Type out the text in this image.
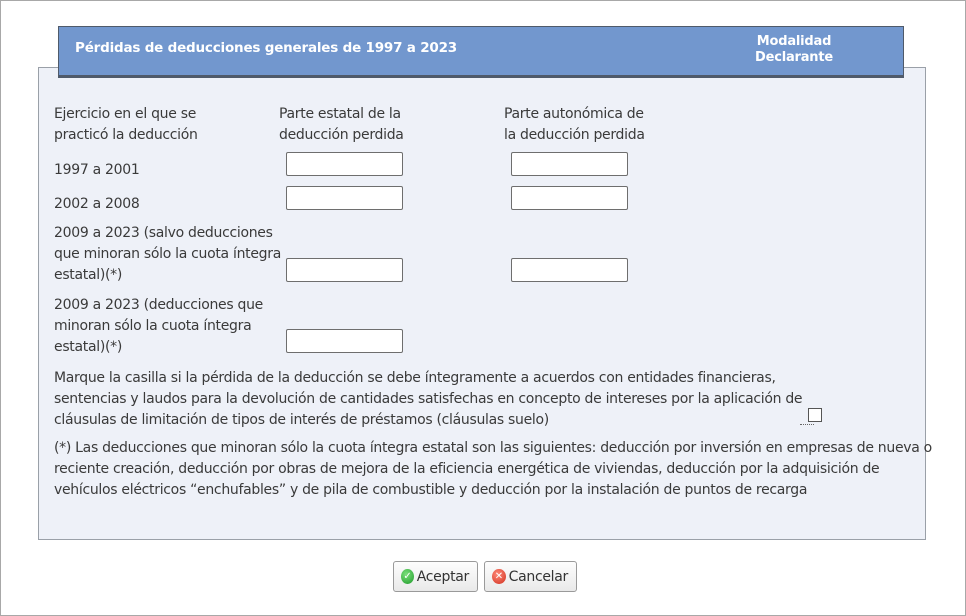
Pérdidas de deducciones generales de 1997 a 2023	Modalidad
Declarante
Ejercicio en el que se
practicó la deducción
Parte estatal de la
deducción perdida
Parte autonómica de
la deducción perdida
1997 a 2001
2002 a 2008
2009 a 2023 (salvo deducciones
que minoran sólo la cuota íntegra
estatal)(*)
2009 a 2023 (deducciones que
minoran sólo la cuota íntegra
estatal)(*)
Marque la casilla si la pérdida de la deducción se debe íntegramente a acuerdos con entidades financieras,
sentencias y laudos para la devolución de cantidades satisfechas en concepto de intereses por la aplicación de
cláusulas de limitación de tipos de interés de préstamos (cláusulas suelo)
(*) Las deducciones que minoran sólo la cuota íntegra estatal son las siguientes: deducción por inversión en empresas de nueva o
reciente creación, deducción por obras de mejora de la eficiencia energética de viviendas, deducción por la adquisición de
vehículos eléctricos “enchufables” y de pila de combustible y deducción por la instalación de puntos de recarga
✓ Aceptar	✕ Cancelar
